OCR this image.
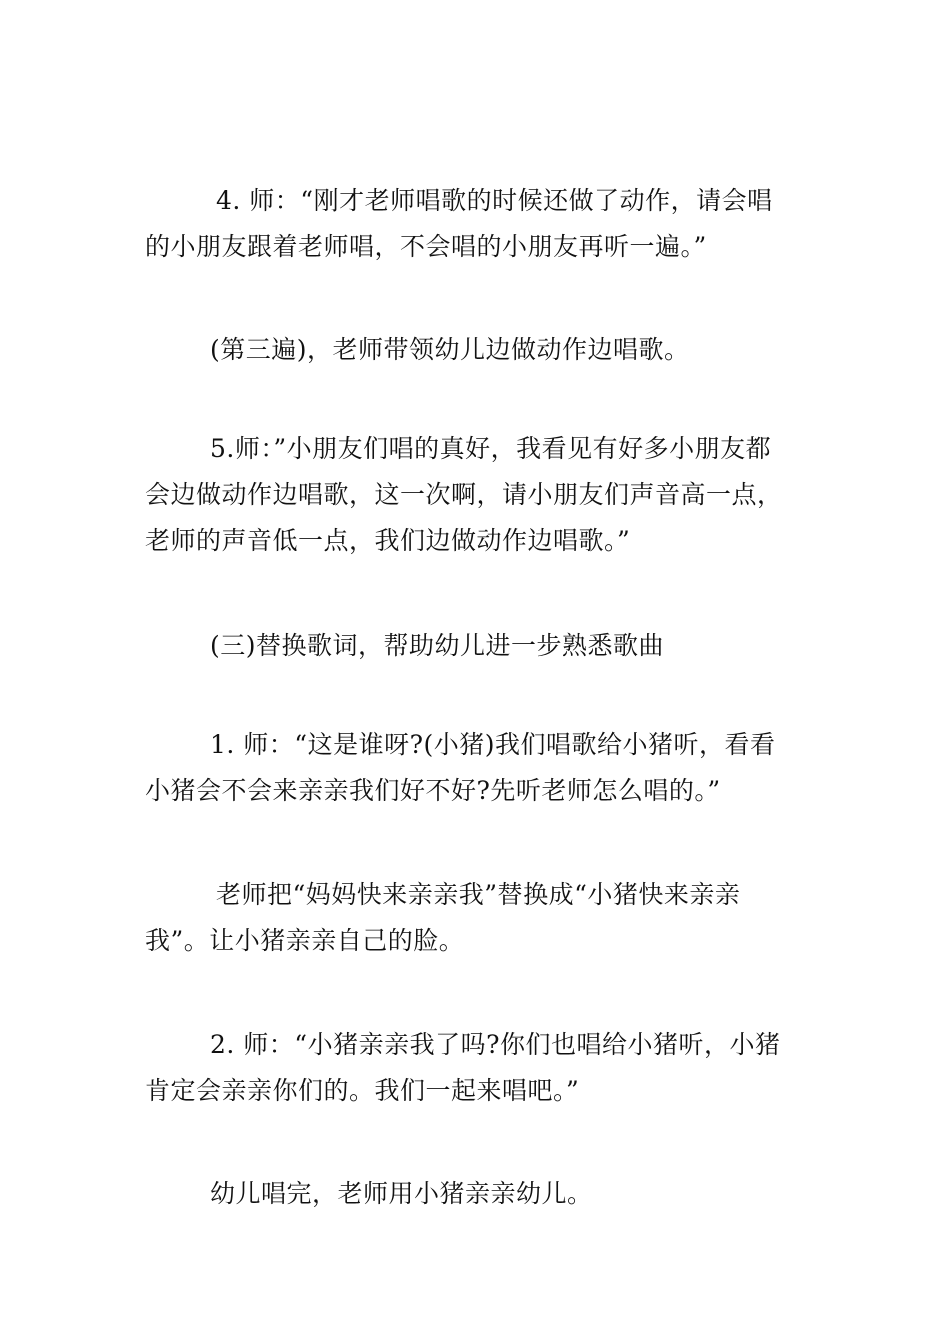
4. 师：“刚才老师唱歌的时候还做了动作，请会唱
的小朋友跟着老师唱，不会唱的小朋友再听一遍。”

(第三遍)，老师带领幼儿边做动作边唱歌。

5.师：”小朋友们唱的真好，我看见有好多小朋友都
会边做动作边唱歌，这一次啊，请小朋友们声音高一点，
老师的声音低一点，我们边做动作边唱歌。”

(三)替换歌词，帮助幼儿进一步熟悉歌曲

1. 师：“这是谁呀?(小猪)我们唱歌给小猪听，看看
小猪会不会来亲亲我们好不好?先听老师怎么唱的。”

老师把“妈妈快来亲亲我”替换成“小猪快来亲亲
我”。让小猪亲亲自己的脸。

2. 师：“小猪亲亲我了吗?你们也唱给小猪听，小猪
肯定会亲亲你们的。我们一起来唱吧。”

幼儿唱完，老师用小猪亲亲幼儿。
